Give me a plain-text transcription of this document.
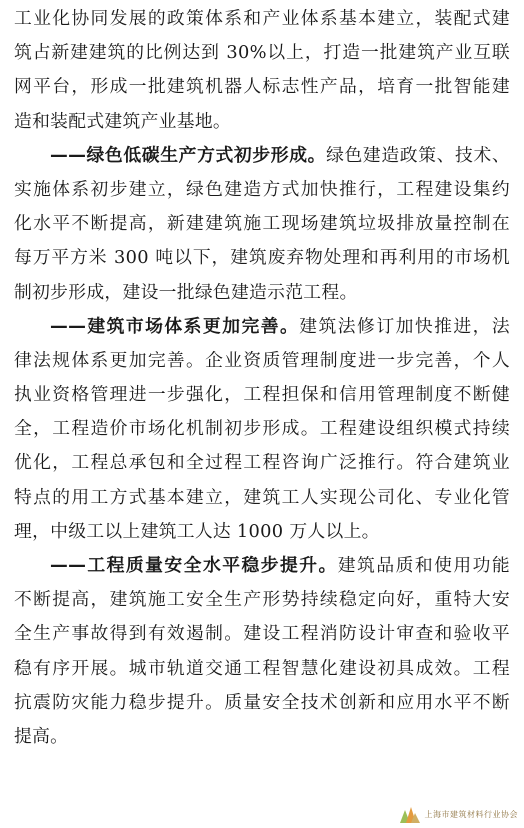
工业化协同发展的政策体系和产业体系基本建立，装配式建
筑占新建建筑的比例达到 30%以上，打造一批建筑产业互联
网平台，形成一批建筑机器人标志性产品，培育一批智能建
造和装配式建筑产业基地。
——绿色低碳生产方式初步形成。绿色建造政策、技术、
实施体系初步建立，绿色建造方式加快推行，工程建设集约
化水平不断提高，新建建筑施工现场建筑垃圾排放量控制在
每万平方米 300 吨以下，建筑废弃物处理和再利用的市场机
制初步形成，建设一批绿色建造示范工程。
——建筑市场体系更加完善。建筑法修订加快推进，法
律法规体系更加完善。企业资质管理制度进一步完善，个人
执业资格管理进一步强化，工程担保和信用管理制度不断健
全，工程造价市场化机制初步形成。工程建设组织模式持续
优化，工程总承包和全过程工程咨询广泛推行。符合建筑业
特点的用工方式基本建立，建筑工人实现公司化、专业化管
理，中级工以上建筑工人达 1000 万人以上。
——工程质量安全水平稳步提升。建筑品质和使用功能
不断提高，建筑施工安全生产形势持续稳定向好，重特大安
全生产事故得到有效遏制。建设工程消防设计审查和验收平
稳有序开展。城市轨道交通工程智慧化建设初具成效。工程
抗震防灾能力稳步提升。质量安全技术创新和应用水平不断
提高。
上海市建筑材料行业协会
